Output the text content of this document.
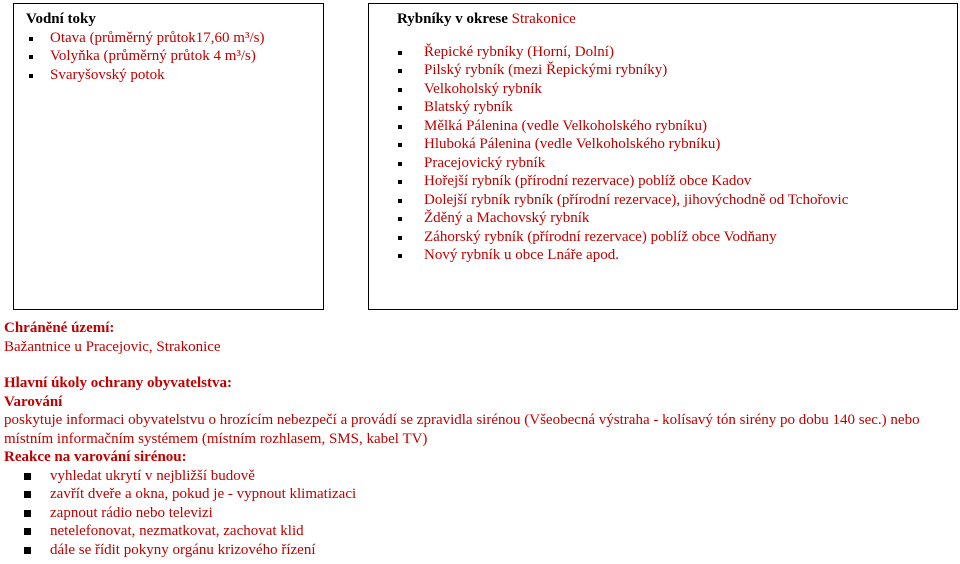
Vodní toky
Otava (průměrný průtok17,60 m³/s)
Volyňka (průměrný průtok 4 m³/s)
Svaryšovský potok
Rybníky v okrese Strakonice
Řepické rybníky (Horní, Dolní)
Pilský rybník (mezi Řepickými rybníky)
Velkoholský rybník
Blatský rybník
Mělká Pálenina (vedle Velkoholského rybníku)
Hluboká Pálenina (vedle Velkoholského rybníku)
Pracejovický rybník
Hořejší rybník (přírodní rezervace) poblíž obce Kadov
Dolejší rybník rybník (přírodní rezervace), jihovýchodně od Tchořovic
Žděný a Machovský rybník
Záhorský rybník (přírodní rezervace) poblíž obce Vodňany
Nový rybník u obce Lnáře apod.
Chráněné území:
Bažantnice u Pracejovic, Strakonice
Hlavní úkoly ochrany obyvatelstva:
Varování
poskytuje informaci obyvatelstvu o hrozícím nebezpečí a provádí se zpravidla sirénou (Všeobecná výstraha - kolísavý tón sirény po dobu 140 sec.) nebo místním informačním systémem (místním rozhlasem, SMS, kabel TV)
Reakce na varování sirénou:
vyhledat ukrytí v nejbližší budově
zavřít dveře a okna, pokud je - vypnout klimatizaci
zapnout rádio nebo televizi
netelefonovat, nezmatkovat, zachovat klid
dále se řídit pokyny orgánu krizového řízení
